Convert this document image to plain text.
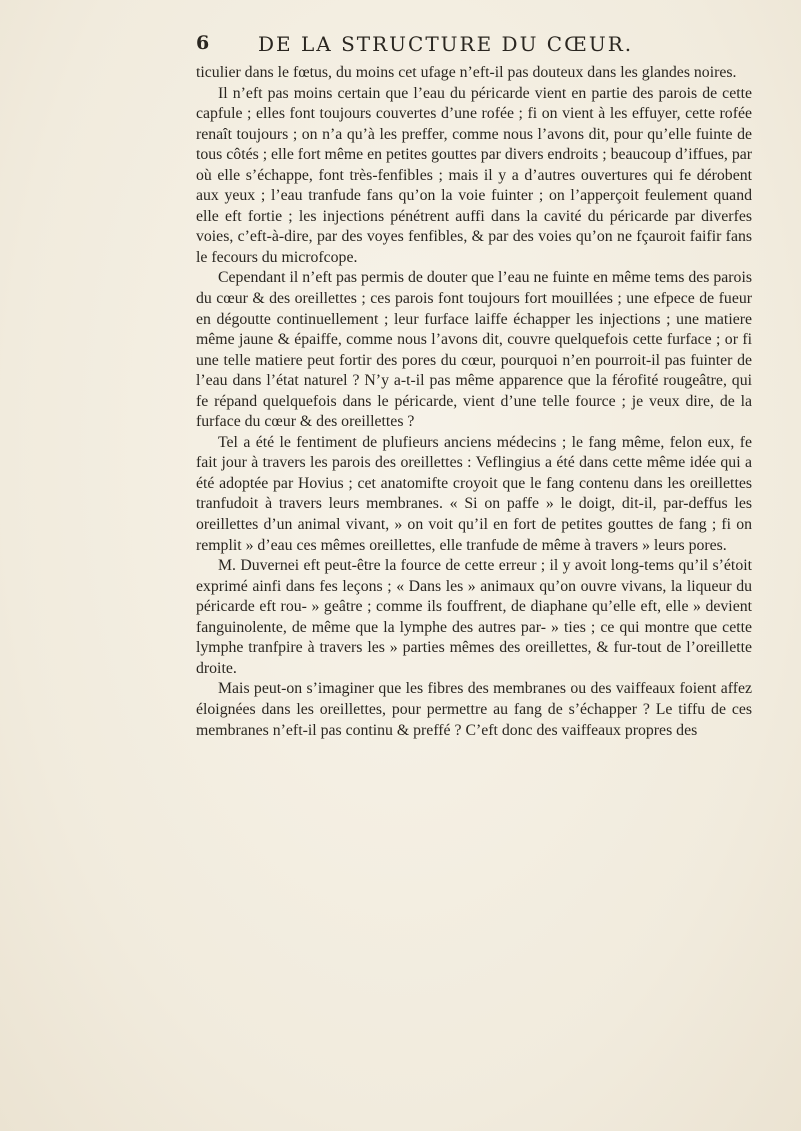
6 DE LA STRUCTURE DU CŒUR.

ticulier dans le fœtus, du moins cet ufage n’eft-il pas douteux dans les glandes noires.

Il n’eft pas moins certain que l’eau du péricarde vient en partie des parois de cette capfule ; elles font toujours couvertes d’une rofée ; fi on vient à les effuyer, cette rofée renaît toujours ; on n’a qu’à les preffer, comme nous l’avons dit, pour qu’elle fuinte de tous côtés ; elle fort même en petites gouttes par divers endroits ; beaucoup d’iffues, par où elle s’échappe, font très-fenfibles ; mais il y a d’autres ouvertures qui fe dérobent aux yeux ; l’eau tranfude fans qu’on la voie fuinter ; on l’apperçoit feulement quand elle eft fortie ; les injections pénétrent auffi dans la cavité du péricarde par diverfes voies, c’eft-à-dire, par des voyes fenfibles, & par des voies qu’on ne fçauroit faifir fans le fecours du microfcope.

Cependant il n’eft pas permis de douter que l’eau ne fuinte en même tems des parois du cœur & des oreillettes ; ces parois font toujours fort mouillées ; une efpece de fueur en dégoutte continuellement ; leur furface laiffe échapper les injections ; une matiere même jaune & épaiffe, comme nous l’avons dit, couvre quelquefois cette furface ; or fi une telle matiere peut fortir des pores du cœur, pourquoi n’en pourroit-il pas fuinter de l’eau dans l’état naturel ? N’y a-t-il pas même apparence que la férofité rougeâtre, qui fe répand quelquefois dans le péricarde, vient d’une telle fource ; je veux dire, de la furface du cœur & des oreillettes ?

Tel a été le fentiment de plufieurs anciens médecins ; le fang même, felon eux, fe fait jour à travers les parois des oreillettes : Veflingius a été dans cette même idée qui a été adoptée par Hovius ; cet anatomifte croyoit que le fang contenu dans les oreillettes tranfudoit à travers leurs membranes. « Si on paffe » le doigt, dit-il, par-deffus les oreillettes d’un animal vivant, » on voit qu’il en fort de petites gouttes de fang ; fi on remplit » d’eau ces mêmes oreillettes, elle tranfude de même à travers » leurs pores.

M. Duvernei eft peut-être la fource de cette erreur ; il y avoit long-tems qu’il s’étoit exprimé ainfi dans fes leçons ; « Dans les » animaux qu’on ouvre vivans, la liqueur du péricarde eft rou- » geâtre ; comme ils fouffrent, de diaphane qu’elle eft, elle » devient fanguinolente, de même que la lymphe des autres par- » ties ; ce qui montre que cette lymphe tranfpire à travers les » parties mêmes des oreillettes, & fur-tout de l’oreillette droite.

Mais peut-on s’imaginer que les fibres des membranes ou des vaiffeaux foient affez éloignées dans les oreillettes, pour permettre au fang de s’échapper ? Le tiffu de ces membranes n’eft-il pas continu & preffé ? C’eft donc des vaiffeaux propres des
